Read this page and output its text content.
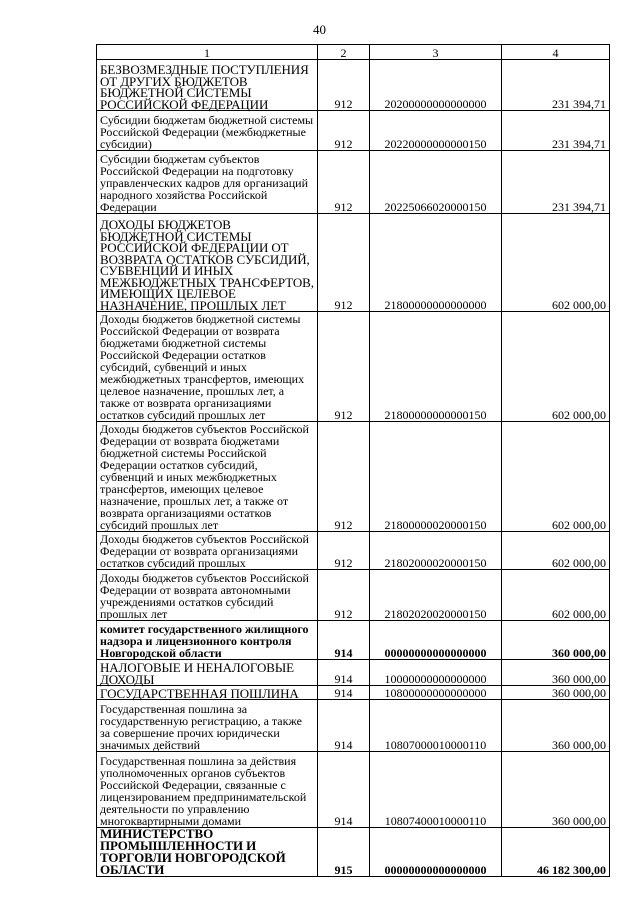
40
1	2	3	4
БЕЗВОЗМЕЗДНЫЕ ПОСТУПЛЕНИЯ ОТ ДРУГИХ БЮДЖЕТОВ БЮДЖЕТНОЙ СИСТЕМЫ РОССИЙСКОЙ ФЕДЕРАЦИИ	912	20200000000000000	231 394,71
Субсидии бюджетам бюджетной системы Российской Федерации (межбюджетные субсидии)	912	20220000000000150	231 394,71
Субсидии бюджетам субъектов Российской Федерации на подготовку управленческих кадров для организаций народного хозяйства Российской Федерации	912	20225066020000150	231 394,71
ДОХОДЫ БЮДЖЕТОВ БЮДЖЕТНОЙ СИСТЕМЫ РОССИЙСКОЙ ФЕДЕРАЦИИ ОТ ВОЗВРАТА ОСТАТКОВ СУБСИДИЙ, СУБВЕНЦИЙ И ИНЫХ МЕЖБЮДЖЕТНЫХ ТРАНСФЕРТОВ, ИМЕЮЩИХ ЦЕЛЕВОЕ НАЗНАЧЕНИЕ, ПРОШЛЫХ ЛЕТ	912	21800000000000000	602 000,00
Доходы бюджетов бюджетной системы Российской Федерации от возврата бюджетами бюджетной системы Российской Федерации остатков субсидий, субвенций и иных межбюджетных трансфертов, имеющих целевое назначение, прошлых лет, а также от возврата организациями остатков субсидий прошлых лет	912	21800000000000150	602 000,00
Доходы бюджетов субъектов Российской Федерации от возврата бюджетами бюджетной системы Российской Федерации остатков субсидий, субвенций и иных межбюджетных трансфертов, имеющих целевое назначение, прошлых лет, а также от возврата организациями остатков субсидий прошлых лет	912	21800000020000150	602 000,00
Доходы бюджетов субъектов Российской Федерации от возврата организациями остатков субсидий прошлых	912	21802000020000150	602 000,00
Доходы бюджетов субъектов Российской Федерации от возврата автономными учреждениями остатков субсидий прошлых лет	912	21802020020000150	602 000,00
комитет государственного жилищного надзора и лицензионного контроля Новгородской области	914	00000000000000000	360 000,00
НАЛОГОВЫЕ И НЕНАЛОГОВЫЕ ДОХОДЫ	914	10000000000000000	360 000,00
ГОСУДАРСТВЕННАЯ ПОШЛИНА	914	10800000000000000	360 000,00
Государственная пошлина за государственную регистрацию, а также за совершение прочих юридически значимых действий	914	10807000010000110	360 000,00
Государственная пошлина за действия уполномоченных органов субъектов Российской Федерации, связанные с лицензированием предпринимательской деятельности по управлению многоквартирными домами	914	10807400010000110	360 000,00
МИНИСТЕРСТВО ПРОМЫШЛЕННОСТИ И ТОРГОВЛИ НОВГОРОДСКОЙ ОБЛАСТИ	915	00000000000000000	46 182 300,00
